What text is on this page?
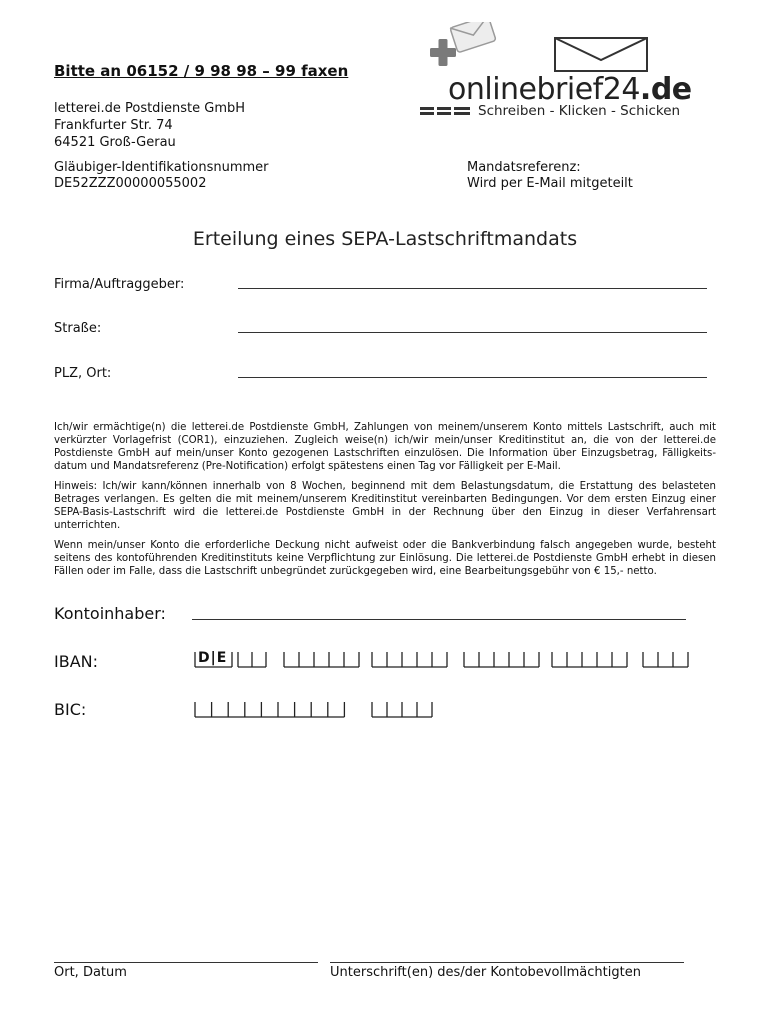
Bitte an 06152 / 9 98 98 – 99 faxen
letterei.de Postdienste GmbH
Frankfurter Str. 74
64521 Groß-Gerau
Gläubiger-Identifikationsnummer
DE52ZZZ00000055002
Mandatsreferenz:
Wird per E-Mail mitgeteilt
onlinebrief24.de
Schreiben - Klicken - Schicken
Erteilung eines SEPA-Lastschriftmandats
Firma/Auftraggeber:
Straße:
PLZ, Ort:
Ich/wir ermächtige(n) die letterei.de Postdienste GmbH, Zahlungen von meinem/unserem Konto mittels Lastschrift, auch mit verkürzter Vorlagefrist (COR1), einzuziehen. Zugleich weise(n) ich/wir mein/unser Kreditinstitut an, die von der letterei.de Postdienste GmbH auf mein/unser Konto gezogenen Lastschriften einzulösen. Die Information über Einzugsbetrag, Fälligkeits-datum und Mandatsreferenz (Pre-Notification) erfolgt spätestens einen Tag vor Fälligkeit per E-Mail.
Hinweis: Ich/wir kann/können innerhalb von 8 Wochen, beginnend mit dem Belastungsdatum, die Erstattung des belasteten Betrages verlangen. Es gelten die mit meinem/unserem Kreditinstitut vereinbarten Bedingungen. Vor dem ersten Einzug einer SEPA-Basis-Lastschrift wird die letterei.de Postdienste GmbH in der Rechnung über den Einzug in dieser Verfahrensart unterrichten.
Wenn mein/unser Konto die erforderliche Deckung nicht aufweist oder die Bankverbindung falsch angegeben wurde, besteht seitens des kontoführenden Kreditinstituts keine Verpflichtung zur Einlösung. Die letterei.de Postdienste GmbH erhebt in diesen Fällen oder im Falle, dass die Lastschrift unbegründet zurückgegeben wird, eine Bearbeitungsgebühr von € 15,- netto.
Kontoinhaber:
IBAN:	D|E
BIC:
Ort, Datum	Unterschrift(en) des/der Kontobevollmächtigten
